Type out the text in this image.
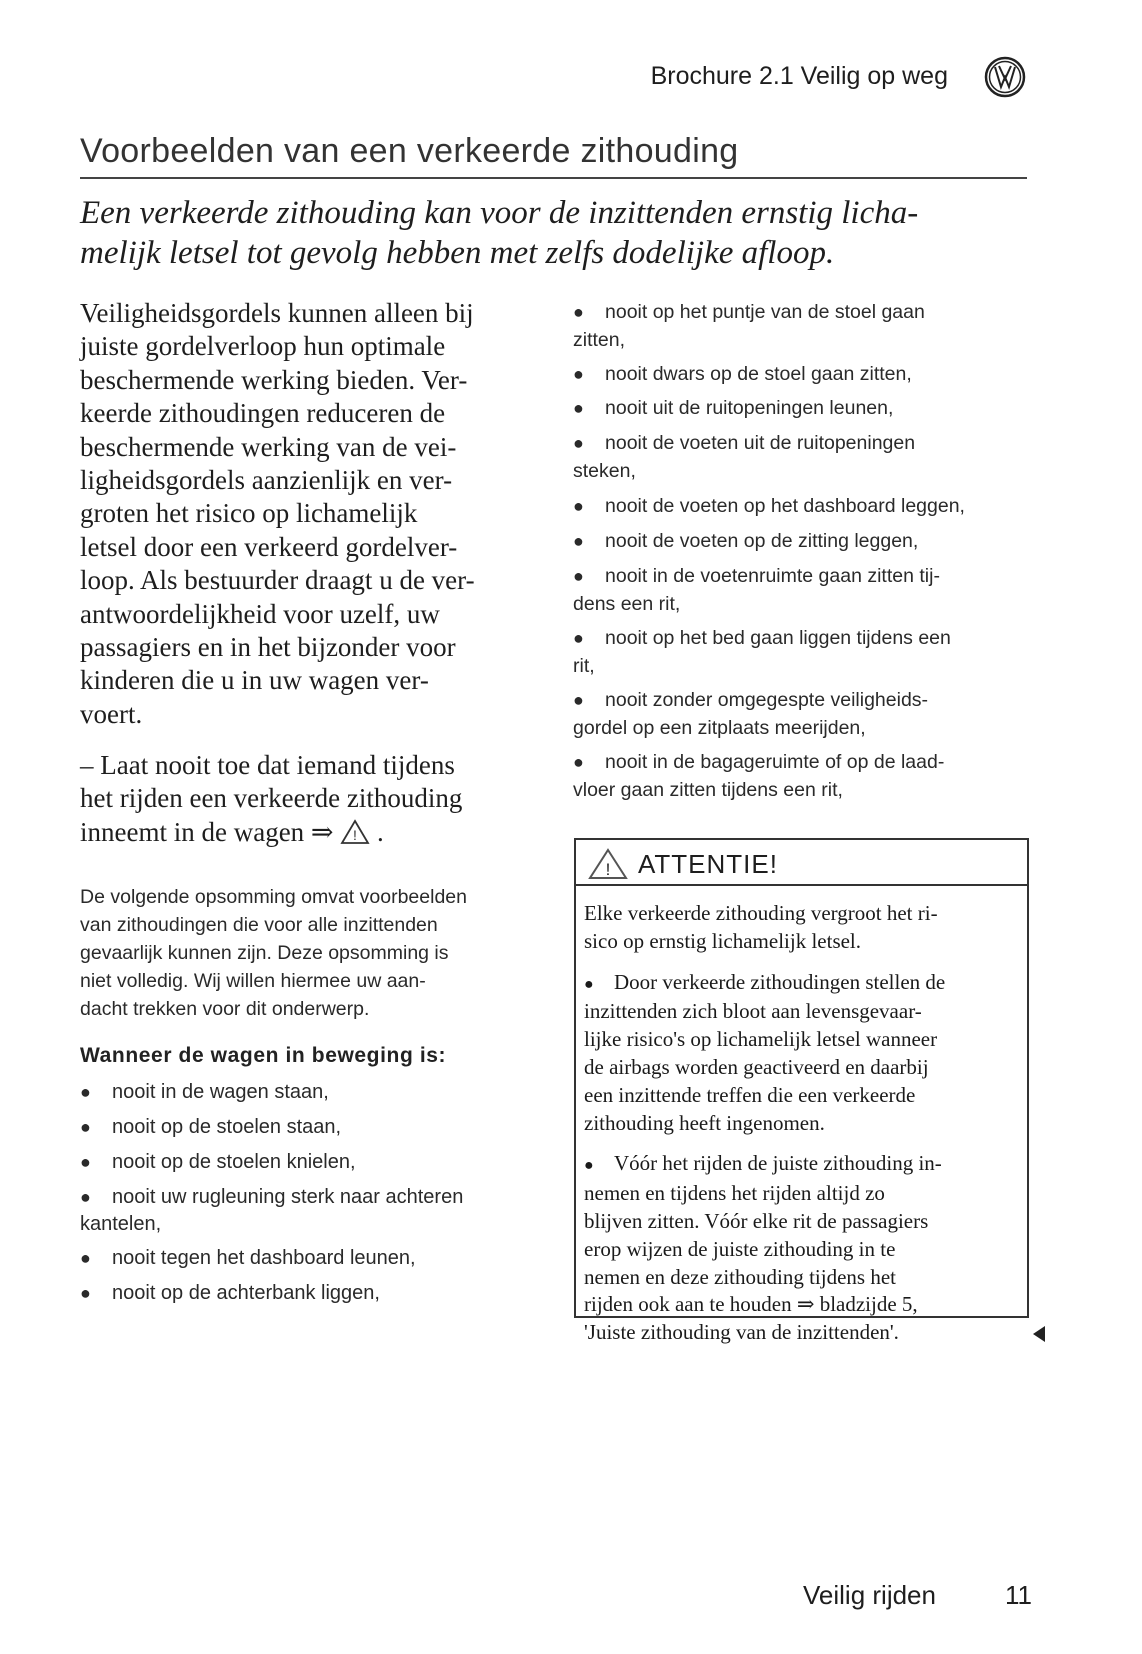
Brochure 2.1 Veilig op weg
Voorbeelden van een verkeerde zithouding
Een verkeerde zithouding kan voor de inzittenden ernstig licha-
melijk letsel tot gevolg hebben met zelfs dodelijke afloop.
Veiligheidsgordels kunnen alleen bij
juiste gordelverloop hun optimale
beschermende werking bieden. Ver-
keerde zithoudingen reduceren de
beschermende werking van de vei-
ligheidsgordels aanzienlijk en ver-
groten het risico op lichamelijk
letsel door een verkeerd gordelver-
loop. Als bestuurder draagt u de ver-
antwoordelijkheid voor uzelf, uw
passagiers en in het bijzonder voor
kinderen die u in uw wagen ver-
voert.
– Laat nooit toe dat iemand tijdens
het rijden een verkeerde zithouding
inneemt in de wagen ⇒ ! .
De volgende opsomming omvat voorbeelden
van zithoudingen die voor alle inzittenden
gevaarlijk kunnen zijn. Deze opsomming is
niet volledig. Wij willen hiermee uw aan-
dacht trekken voor dit onderwerp.
Wanneer de wagen in beweging is:
● nooit in de wagen staan,
● nooit op de stoelen staan,
● nooit op de stoelen knielen,
● nooit uw rugleuning sterk naar achteren
kantelen,
● nooit tegen het dashboard leunen,
● nooit op de achterbank liggen,
● nooit op het puntje van de stoel gaan
zitten,
● nooit dwars op de stoel gaan zitten,
● nooit uit de ruitopeningen leunen,
● nooit de voeten uit de ruitopeningen
steken,
● nooit de voeten op het dashboard leggen,
● nooit de voeten op de zitting leggen,
● nooit in de voetenruimte gaan zitten tij-
dens een rit,
● nooit op het bed gaan liggen tijdens een
rit,
● nooit zonder omgegespte veiligheids-
gordel op een zitplaats meerijden,
● nooit in de bagageruimte of op de laad-
vloer gaan zitten tijdens een rit,
! ATTENTIE!
Elke verkeerde zithouding vergroot het ri-
sico op ernstig lichamelijk letsel.
● Door verkeerde zithoudingen stellen de
inzittenden zich bloot aan levensgevaar-
lijke risico's op lichamelijk letsel wanneer
de airbags worden geactiveerd en daarbij
een inzittende treffen die een verkeerde
zithouding heeft ingenomen.
● Vóór het rijden de juiste zithouding in-
nemen en tijdens het rijden altijd zo
blijven zitten. Vóór elke rit de passagiers
erop wijzen de juiste zithouding in te
nemen en deze zithouding tijdens het
rijden ook aan te houden ⇒ bladzijde 5,
'Juiste zithouding van de inzittenden'.
Veilig rijden	11
